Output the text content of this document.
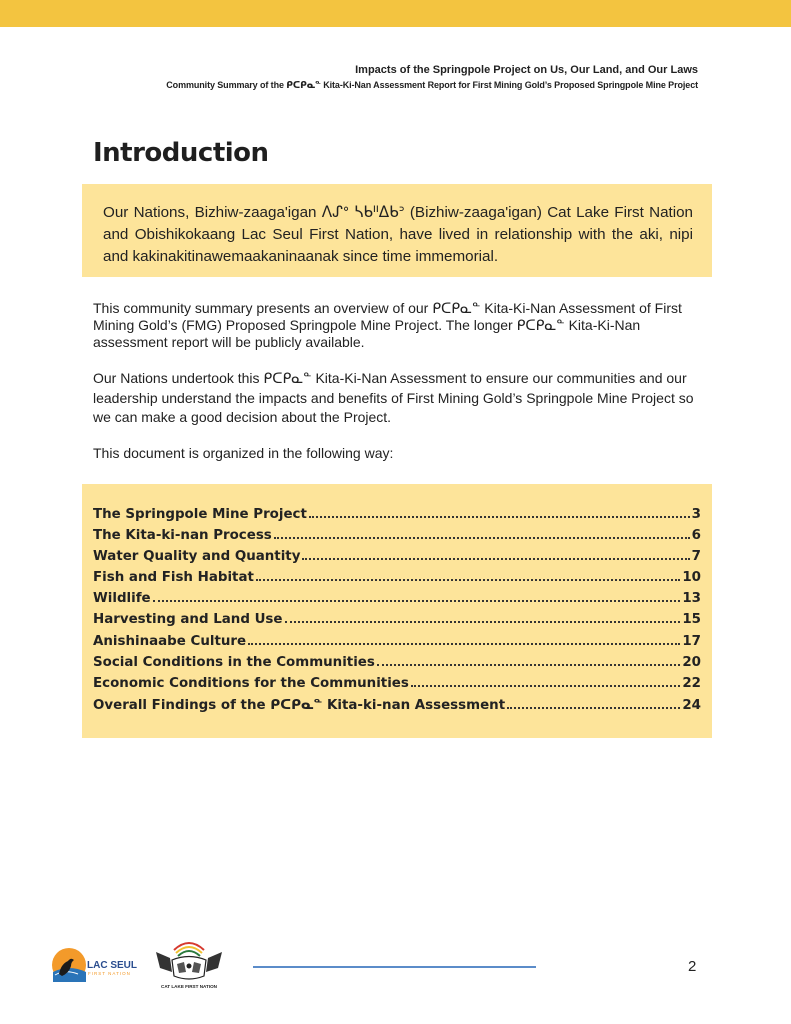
Impacts of the Springpole Project on Us, Our Land, and Our Laws
Community Summary of the ᑭᑕᑭᓇᓐ Kita-Ki-Nan Assessment Report for First Mining Gold’s Proposed Springpole Mine Project
Introduction

Our Nations, Bizhiw-zaaga'igan ᐱᔑᐤ ᓴᑲᐦᐃᑲᐣ (Bizhiw-zaaga'igan) Cat Lake First Nation and Obishikokaang Lac Seul First Nation, have lived in relationship with the aki, nipi and kakinakitinawemaakaninaanak since time immemorial.

This community summary presents an overview of our ᑭᑕᑭᓇᓐ Kita-Ki-Nan Assessment of First Mining Gold’s (FMG) Proposed Springpole Mine Project. The longer ᑭᑕᑭᓇᓐ Kita-Ki-Nan assessment report will be publicly available.

Our Nations undertook this ᑭᑕᑭᓇᓐ Kita-Ki-Nan Assessment to ensure our communities and our leadership understand the impacts and benefits of First Mining Gold’s Springpole Mine Project so we can make a good decision about the Project.

This document is organized in the following way:

The Springpole Mine Project	3
The Kita-ki-nan Process	6
Water Quality and Quantity	7
Fish and Fish Habitat	10
Wildlife	13
Harvesting and Land Use	15
Anishinaabe Culture	17
Social Conditions in the Communities	20
Economic Conditions for the Communities	22
Overall Findings of the ᑭᑕᑭᓇᓐ Kita-ki-nan Assessment	24
LAC SEUL
FIRST NATION
CAT LAKE FIRST NATION
2
